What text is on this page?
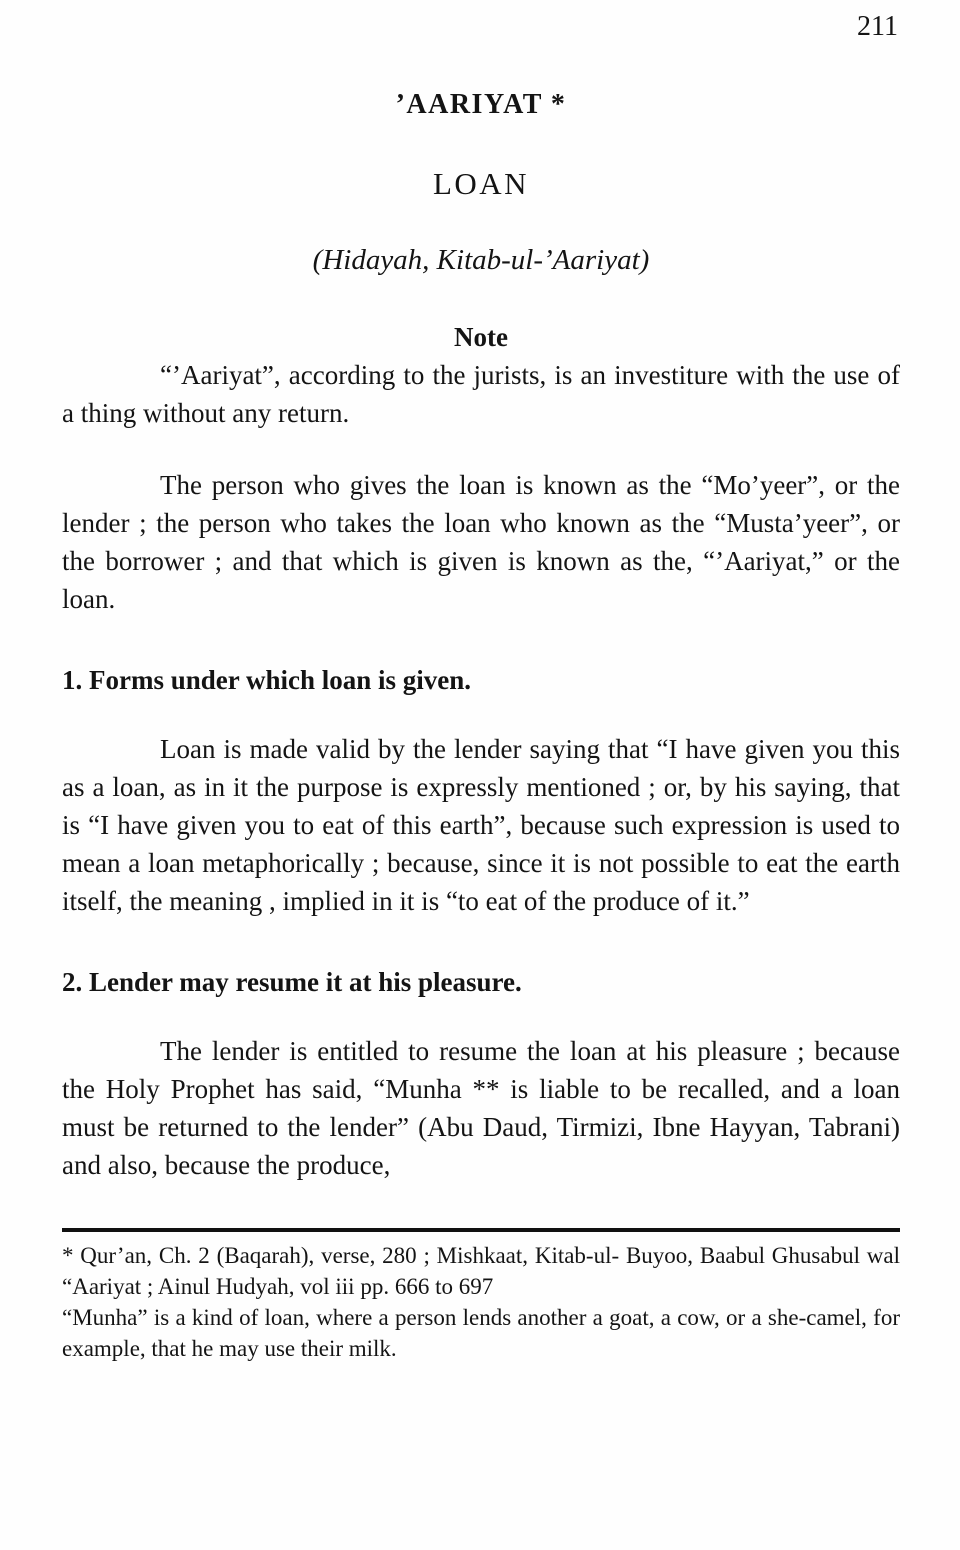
211
’AARIYAT *
LOAN
(Hidayah, Kitab-ul-’Aariyat)
Note

“’Aariyat”, according to the jurists, is an investiture with the use of a thing without any return.

The person who gives the loan is known as the “Mo’yeer”, or the lender ; the person who takes the loan who known as the “Musta’yeer”, or the borrower ; and that which is given is known as the, “’Aariyat,” or the loan.

1. Forms under which loan is given.

Loan is made valid by the lender saying that “I have given you this as a loan, as in it the purpose is expressly mentioned ; or, by his saying, that is “I have given you to eat of this earth”, because such expression is used to mean a loan metaphorically ; because, since it is not possible to eat the earth itself, the meaning , implied in it is “to eat of the produce of it.”

2. Lender may resume it at his pleasure.

The lender is entitled to resume the loan at his pleasure ; because the Holy Prophet has said, “Munha ** is liable to be recalled, and a loan must be returned to the lender” (Abu Daud, Tirmizi, Ibne Hayyan, Tabrani) and also, because the produce,

* Qur’an, Ch. 2 (Baqarah), verse, 280 ; Mishkaat, Kitab-ul- Buyoo, Baabul Ghusabul wal “Aariyat ; Ainul Hudyah, vol iii pp. 666 to 697

“Munha” is a kind of loan, where a person lends another a goat, a cow, or a she-camel, for example, that he may use their milk.
